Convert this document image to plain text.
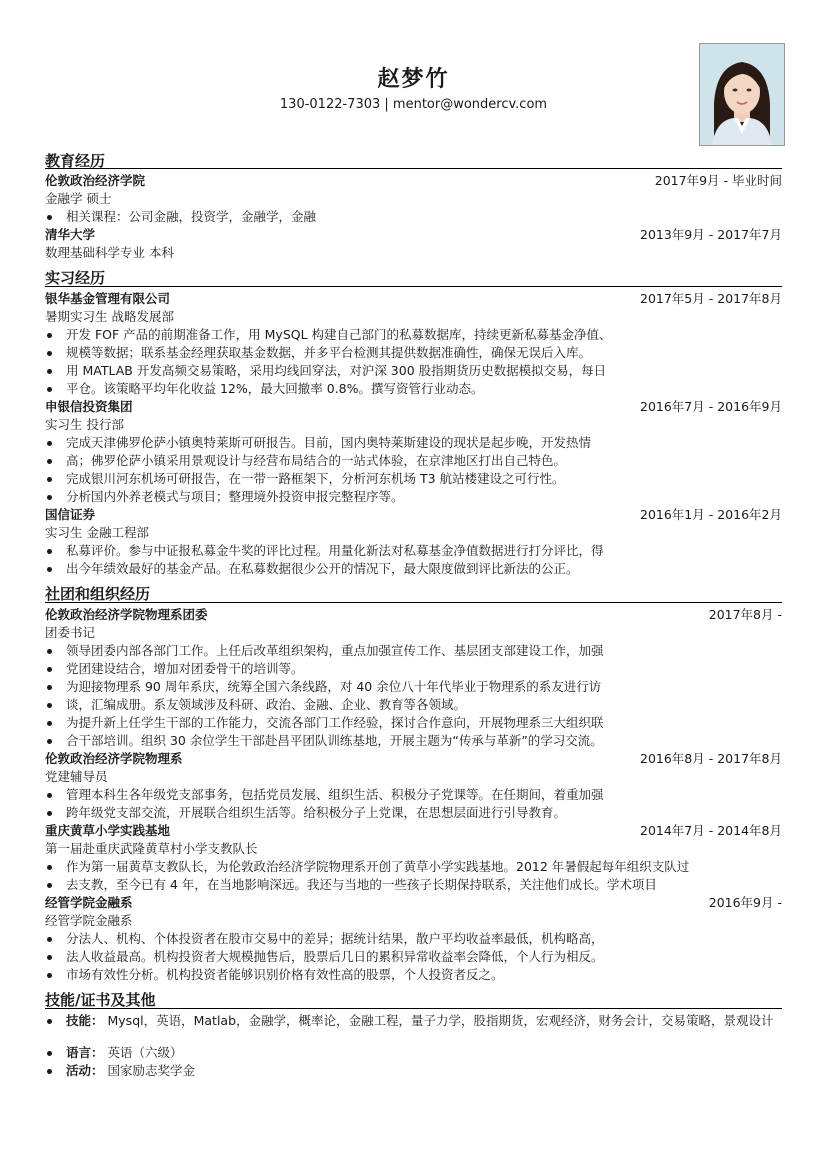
赵梦竹
130-0122-7303 | mentor@wondercv.com
教育经历
伦敦政治经济学院	2017年9月 - 毕业时间
金融学 硕士
相关课程：公司金融，投资学，金融学，金融
清华大学	2013年9月 - 2017年7月
数理基础科学专业 本科
实习经历
银华基金管理有限公司	2017年5月 - 2017年8月
暑期实习生 战略发展部
开发 FOF 产品的前期准备工作，用 MySQL 构建自己部门的私募数据库，持续更新私募基金净值、
规模等数据；联系基金经理获取基金数据，并多平台检测其提供数据准确性，确保无误后入库。
用 MATLAB 开发高频交易策略，采用均线回穿法，对沪深 300 股指期货历史数据模拟交易，每日
平仓。该策略平均年化收益 12%，最大回撤率 0.8%。撰写资管行业动态。
申银信投资集团	2016年7月 - 2016年9月
实习生 投行部
完成天津佛罗伦萨小镇奥特莱斯可研报告。目前，国内奥特莱斯建设的现状是起步晚，开发热情
高；佛罗伦萨小镇采用景观设计与经营布局结合的一站式体验，在京津地区打出自己特色。
完成银川河东机场可研报告，在一带一路框架下，分析河东机场 T3 航站楼建设之可行性。
分析国内外养老模式与项目；整理境外投资申报完整程序等。
国信证券	2016年1月 - 2016年2月
实习生 金融工程部
私募评价。参与中证报私募金牛奖的评比过程。用量化新法对私募基金净值数据进行打分评比，得
出今年绩效最好的基金产品。在私募数据很少公开的情况下，最大限度做到评比新法的公正。
社团和组织经历
伦敦政治经济学院物理系团委	2017年8月 -
团委书记
领导团委内部各部门工作。上任后改革组织架构，重点加强宣传工作、基层团支部建设工作，加强
党团建设结合，增加对团委骨干的培训等。
为迎接物理系 90 周年系庆，统筹全国六条线路，对 40 余位八十年代毕业于物理系的系友进行访
谈，汇编成册。系友领域涉及科研、政治、金融、企业、教育等各领域。
为提升新上任学生干部的工作能力，交流各部门工作经验，探讨合作意向，开展物理系三大组织联
合干部培训。组织 30 余位学生干部赴昌平团队训练基地，开展主题为“传承与革新”的学习交流。
伦敦政治经济学院物理系	2016年8月 - 2017年8月
党建辅导员
管理本科生各年级党支部事务，包括党员发展、组织生活、积极分子党课等。在任期间，着重加强
跨年级党支部交流，开展联合组织生活等。给积极分子上党课，在思想层面进行引导教育。
重庆黄草小学实践基地	2014年7月 - 2014年8月
第一届赴重庆武隆黄草村小学支教队长
作为第一届黄草支教队长，为伦敦政治经济学院物理系开创了黄草小学实践基地。2012 年暑假起每年组织支队过
去支教，至今已有 4 年，在当地影响深远。我还与当地的一些孩子长期保持联系，关注他们成长。学术项目
经管学院金融系	2016年9月 -
经管学院金融系
分法人、机构、个体投资者在股市交易中的差异；据统计结果，散户平均收益率最低，机构略高，
法人收益最高。机构投资者大规模抛售后，股票后几日的累积异常收益率会降低，个人行为相反。
市场有效性分析。机构投资者能够识别价格有效性高的股票，个人投资者反之。
技能/证书及其他
技能： Mysql，英语，Matlab，金融学，概率论，金融工程，量子力学，股指期货，宏观经济，财务会计，交易策略，景观设计
语言： 英语（六级）
活动： 国家励志奖学金
